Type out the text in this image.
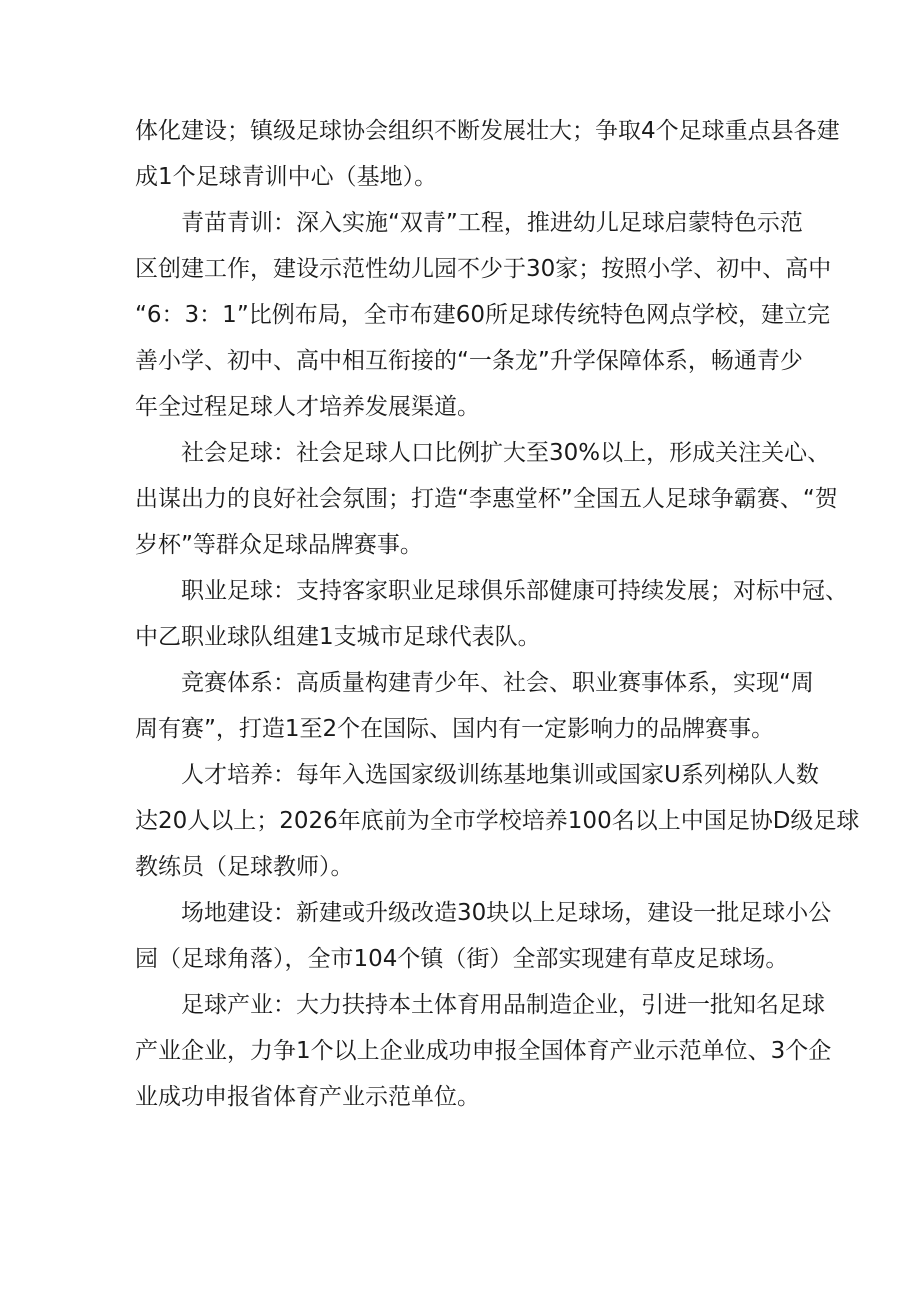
体化建设；镇级足球协会组织不断发展壮大；争取4个足球重点县各建
成1个足球青训中心（基地）。
青苗青训：深入实施“双青”工程，推进幼儿足球启蒙特色示范
区创建工作，建设示范性幼儿园不少于30家；按照小学、初中、高中
“6：3：1”比例布局，全市布建60所足球传统特色网点学校，建立完
善小学、初中、高中相互衔接的“一条龙”升学保障体系，畅通青少
年全过程足球人才培养发展渠道。
社会足球：社会足球人口比例扩大至30%以上，形成关注关心、
出谋出力的良好社会氛围；打造“李惠堂杯”全国五人足球争霸赛、“贺
岁杯”等群众足球品牌赛事。
职业足球：支持客家职业足球俱乐部健康可持续发展；对标中冠、
中乙职业球队组建1支城市足球代表队。
竞赛体系：高质量构建青少年、社会、职业赛事体系，实现“周
周有赛”，打造1至2个在国际、国内有一定影响力的品牌赛事。
人才培养：每年入选国家级训练基地集训或国家U系列梯队人数
达20人以上；2026年底前为全市学校培养100名以上中国足协D级足球
教练员（足球教师）。
场地建设：新建或升级改造30块以上足球场，建设一批足球小公
园（足球角落），全市104个镇（街）全部实现建有草皮足球场。
足球产业：大力扶持本土体育用品制造企业，引进一批知名足球
产业企业，力争1个以上企业成功申报全国体育产业示范单位、3个企
业成功申报省体育产业示范单位。
